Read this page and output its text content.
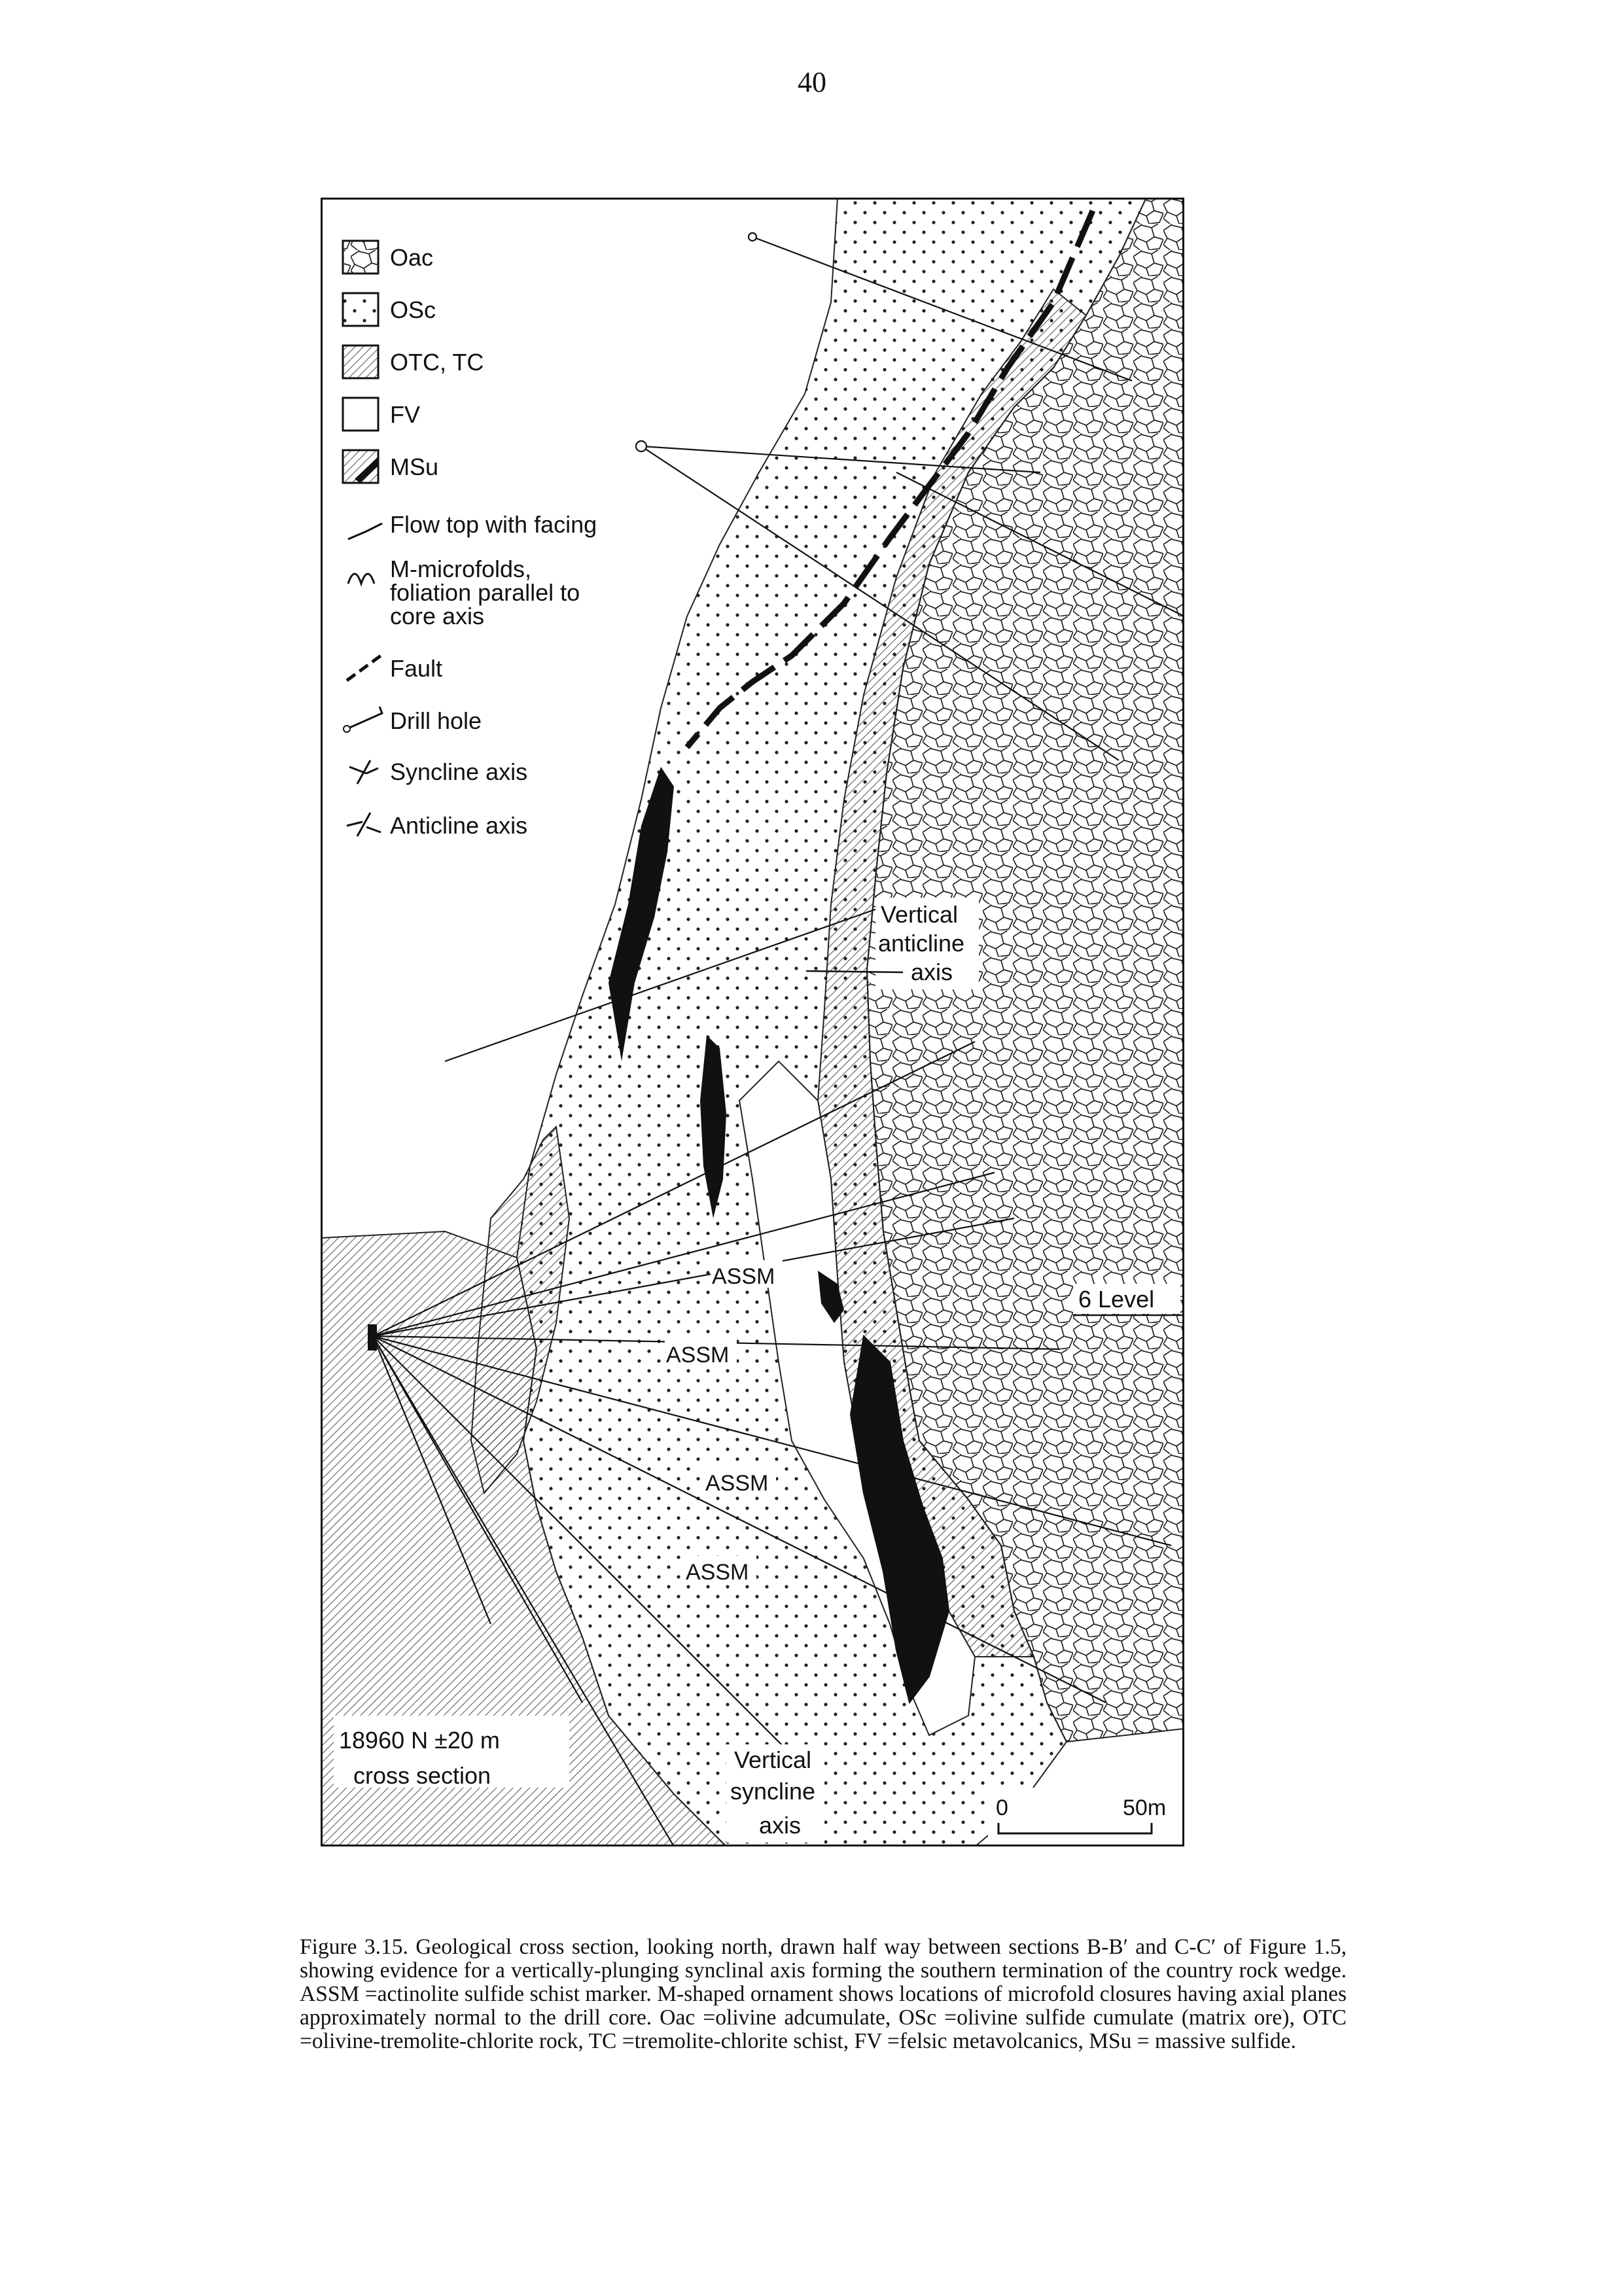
40
Oac
OSc
OTC, TC
FV
MSu
Flow top with facing
M-microfolds,
foliation parallel to
core axis
Fault
Drill hole
Syncline axis
Anticline axis
Vertical
anticline
axis
ASSM
ASSM
ASSM
ASSM
6 Level
Vertical
syncline
axis
18960 N ±20 m
cross section
0	50m
Figure 3.15. Geological cross section, looking north, drawn half way between sections B-B′ and C-C′ of Figure 1.5, showing evidence for a vertically-plunging synclinal axis forming the southern termination of the country rock wedge. ASSM =actinolite sulfide schist marker. M-shaped ornament shows locations of microfold closures having axial planes approximately normal to the drill core. Oac =olivine adcumulate, OSc =olivine sulfide cumulate (matrix ore), OTC =olivine-tremolite-chlorite rock, TC =tremolite-chlorite schist, FV =felsic metavolcanics, MSu = massive sulfide.
